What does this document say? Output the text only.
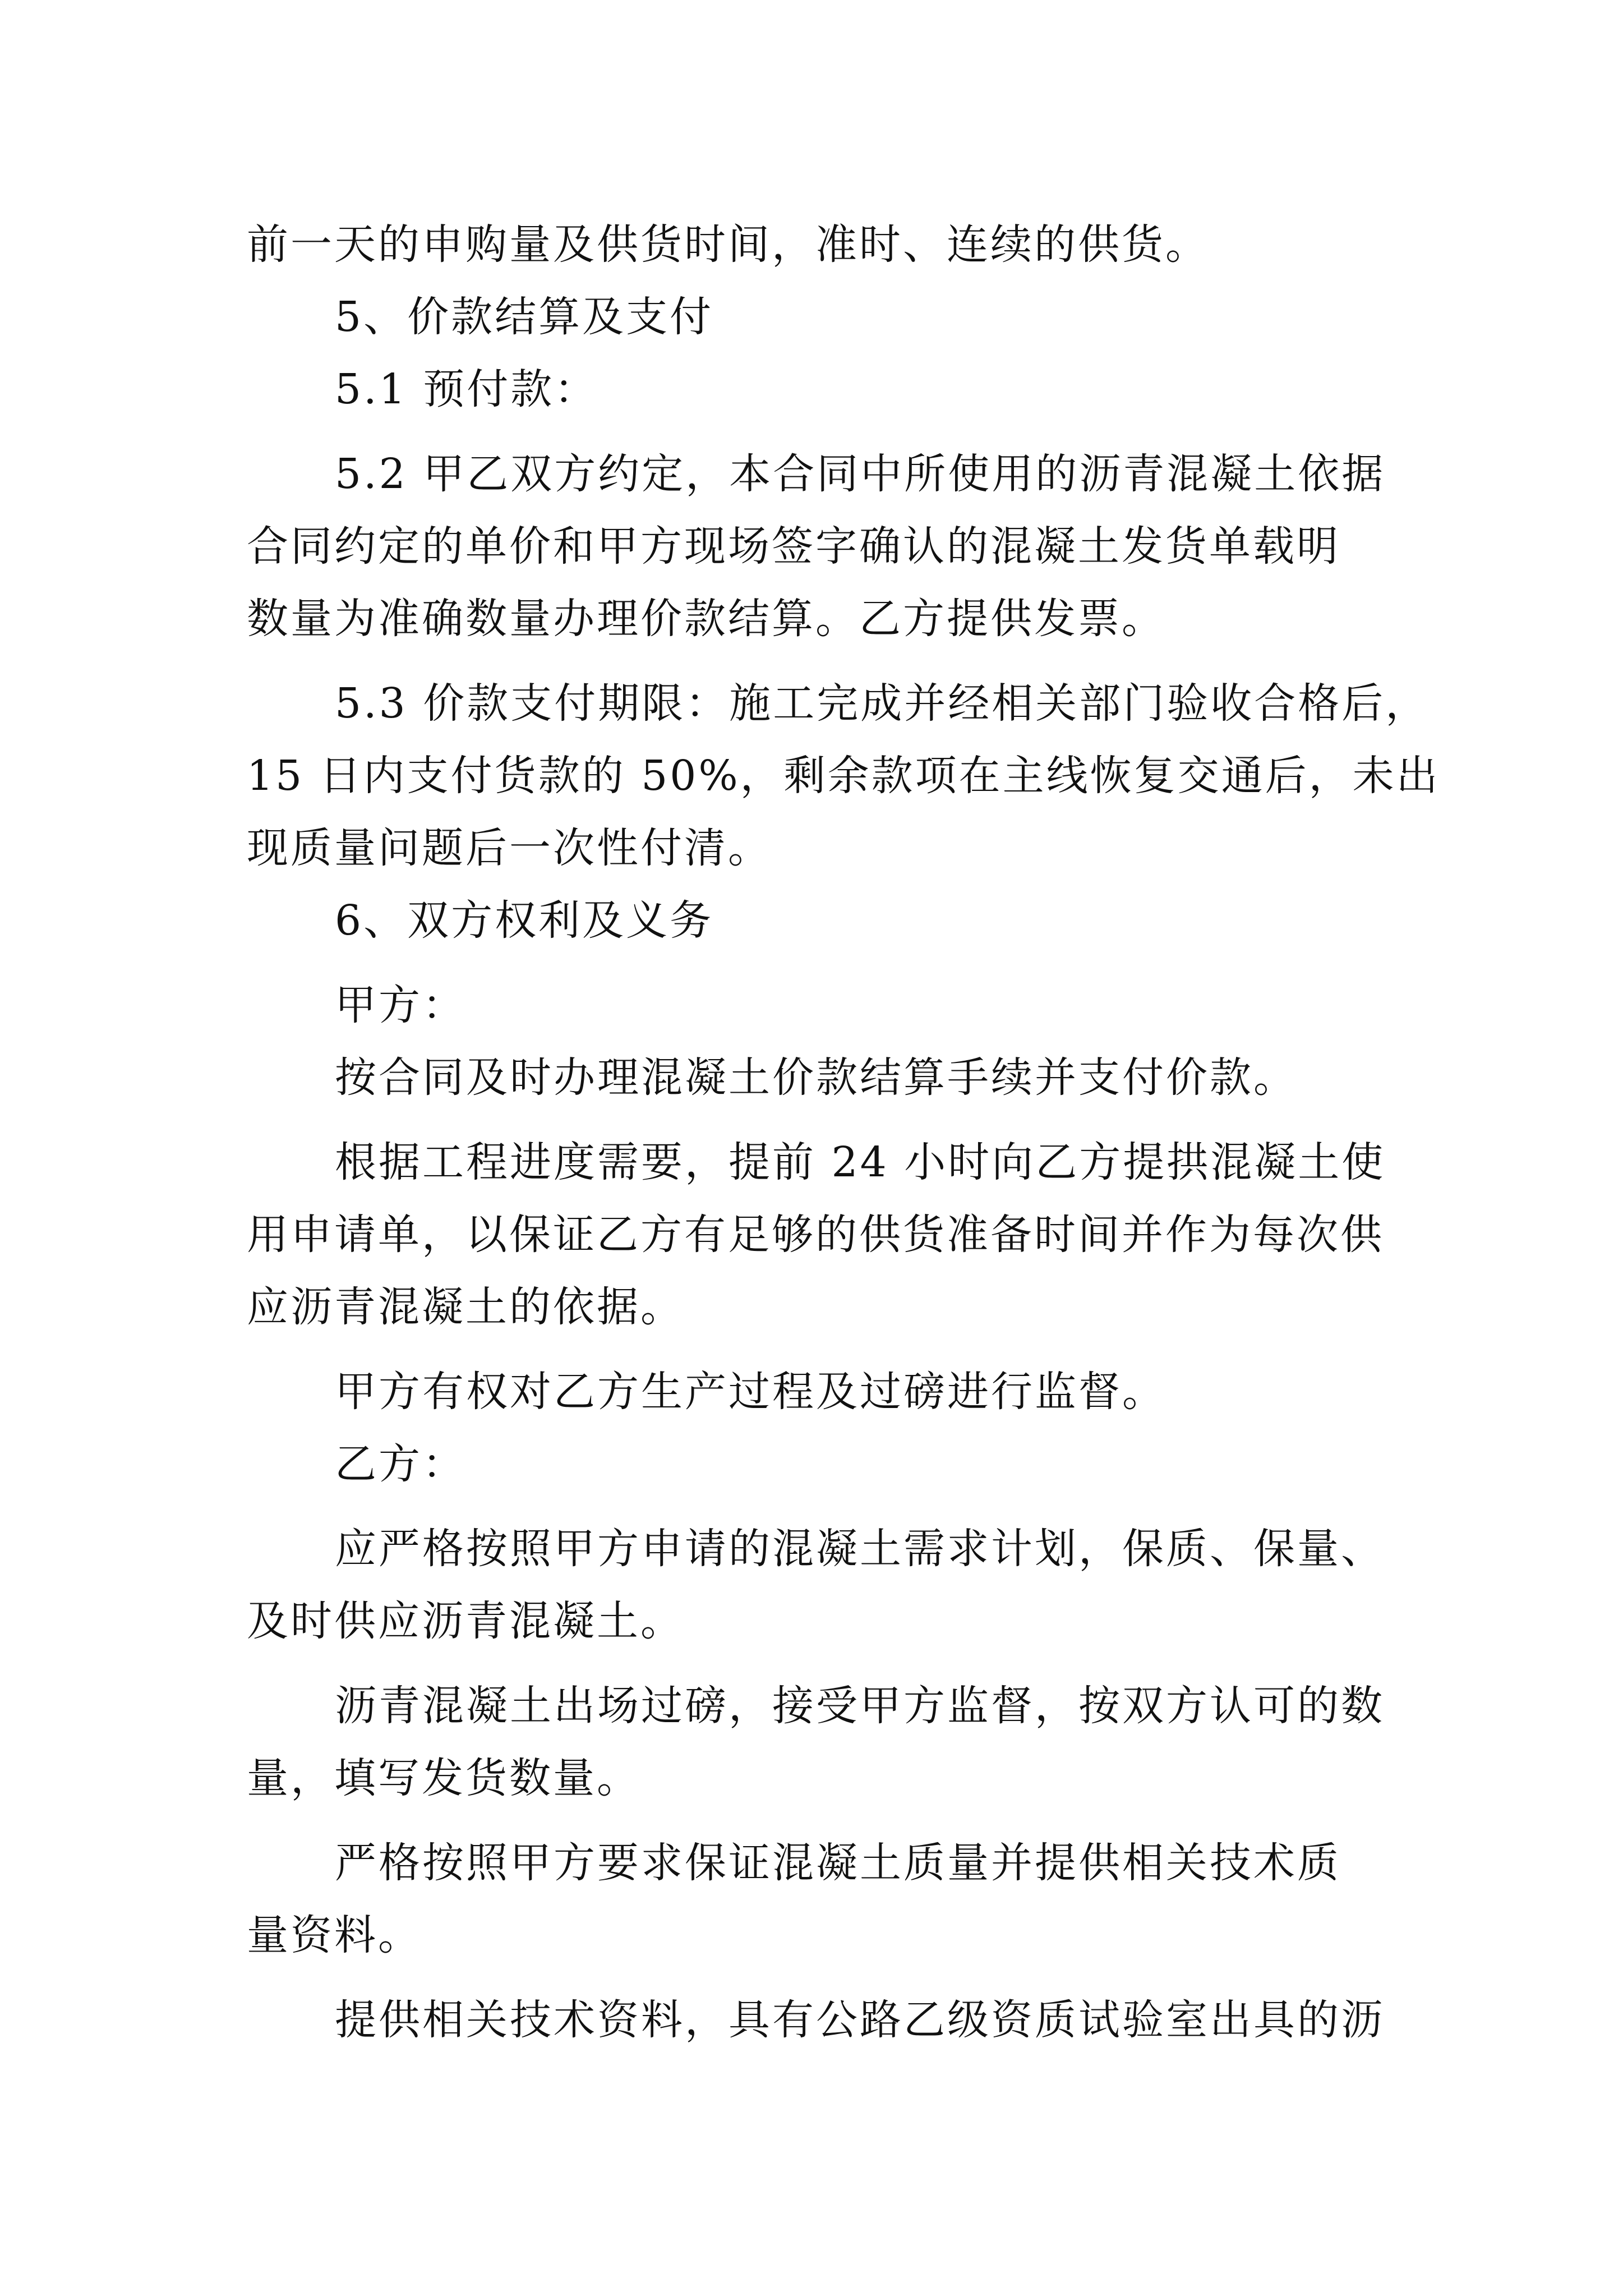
前一天的申购量及供货时间，准时、连续的供货。

5、价款结算及支付

5.1 预付款：

5.2 甲乙双方约定，本合同中所使用的沥青混凝土依据

合同约定的单价和甲方现场签字确认的混凝土发货单载明

数量为准确数量办理价款结算。乙方提供发票。

5.3 价款支付期限：施工完成并经相关部门验收合格后，

15 日内支付货款的 50%，剩余款项在主线恢复交通后，未出

现质量问题后一次性付清。

6、双方权利及义务

甲方：

按合同及时办理混凝土价款结算手续并支付价款。

根据工程进度需要，提前 24 小时向乙方提拱混凝土使

用申请单，以保证乙方有足够的供货准备时间并作为每次供

应沥青混凝土的依据。

甲方有权对乙方生产过程及过磅进行监督。

乙方：

应严格按照甲方申请的混凝土需求计划，保质、保量、

及时供应沥青混凝土。

沥青混凝土出场过磅，接受甲方监督，按双方认可的数

量，填写发货数量。

严格按照甲方要求保证混凝土质量并提供相关技术质

量资料。

提供相关技术资料，具有公路乙级资质试验室出具的沥
